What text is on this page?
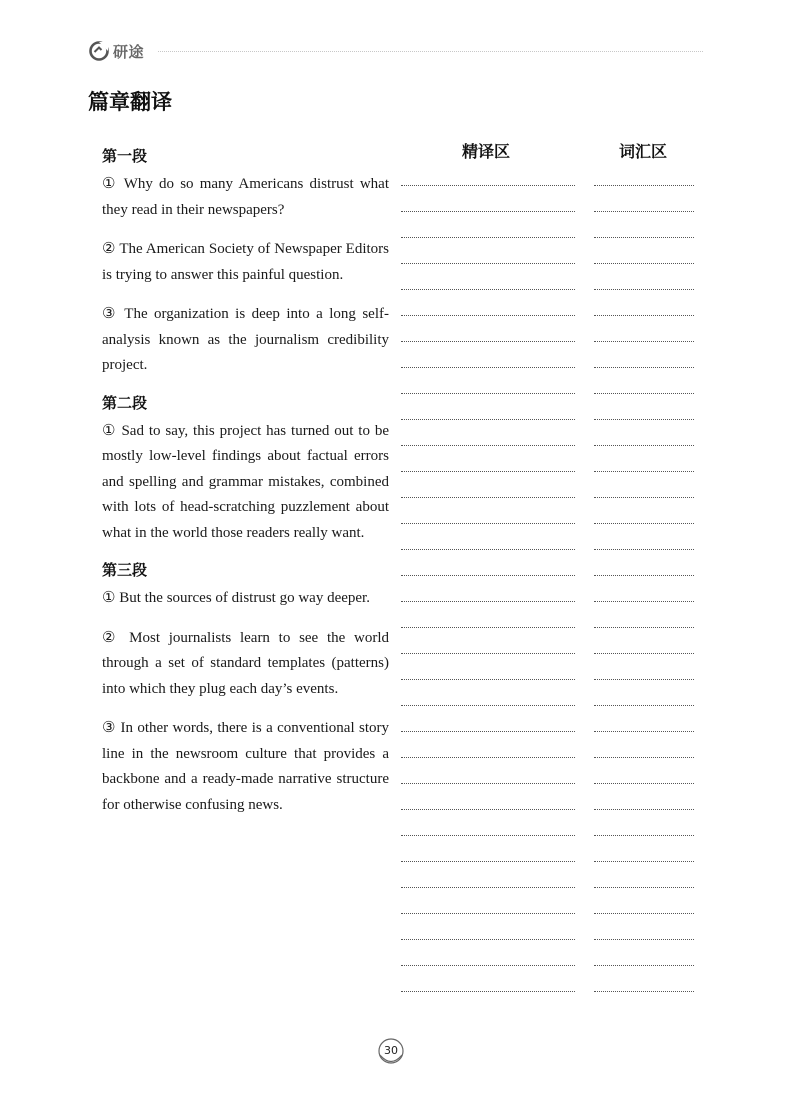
研途
篇章翻译
精译区	词汇区
第一段

① Why do so many Americans distrust what they read in their newspapers?

② The American Society of Newspaper Editors is trying to answer this painful question.

③ The organization is deep into a long self-analysis known as the journalism credibility project.

第二段

① Sad to say, this project has turned out to be mostly low-level findings about factual errors and spelling and grammar mistakes, combined with lots of head-scratching puzzlement about what in the world those readers really want.

第三段

① But the sources of distrust go way deeper.

② Most journalists learn to see the world through a set of standard templates (patterns) into which they plug each day’s events.

③ In other words, there is a conventional story line in the newsroom culture that provides a backbone and a ready-made narrative structure for otherwise confusing news.

30
